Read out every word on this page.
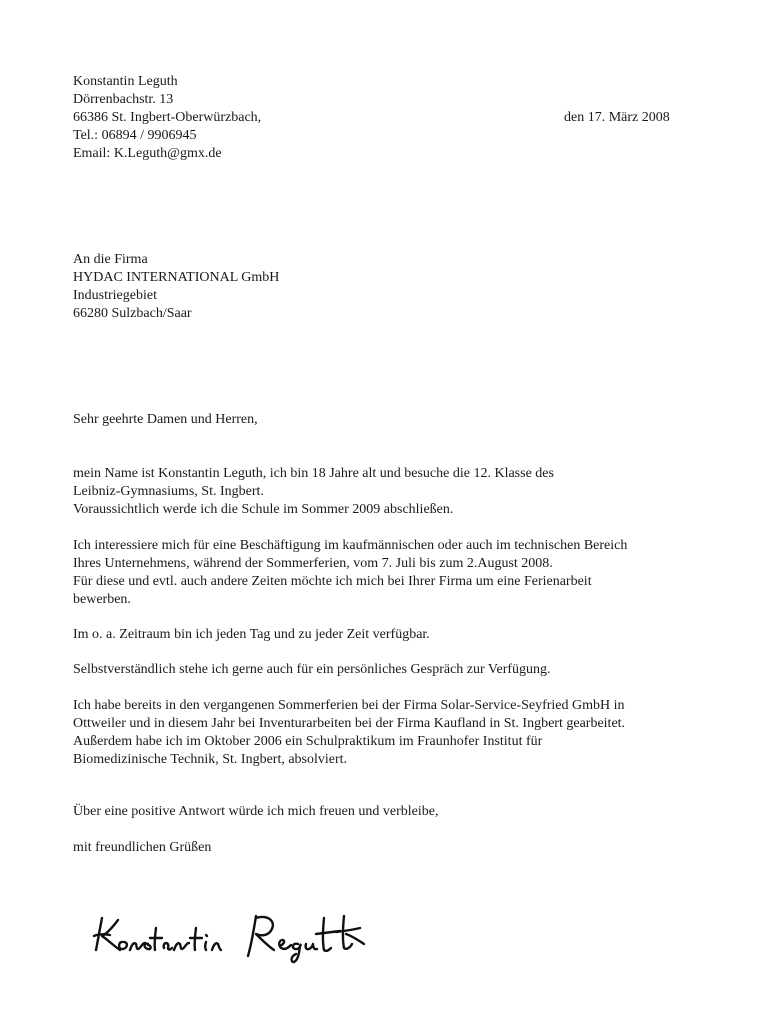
Konstantin Leguth
Dörrenbachstr. 13
66386 St. Ingbert-Oberwürzbach,
Tel.: 06894 / 9906945
Email: K.Leguth@gmx.de
den 17. März 2008
An die Firma
HYDAC INTERNATIONAL GmbH
Industriegebiet
66280 Sulzbach/Saar
Sehr geehrte Damen und Herren,
mein Name ist Konstantin Leguth, ich bin 18 Jahre alt und besuche die 12. Klasse des
Leibniz-Gymnasiums, St. Ingbert.
Voraussichtlich werde ich die Schule im Sommer 2009 abschließen.
Ich interessiere mich für eine Beschäftigung im kaufmännischen oder auch im technischen Bereich
Ihres Unternehmens, während der Sommerferien, vom 7. Juli bis zum 2.August 2008.
Für diese und evtl. auch andere Zeiten möchte ich mich bei Ihrer Firma um eine Ferienarbeit
bewerben.
Im o. a. Zeitraum bin ich jeden Tag und zu jeder Zeit verfügbar.
Selbstverständlich stehe ich gerne auch für ein persönliches Gespräch zur Verfügung.
Ich habe bereits in den vergangenen Sommerferien bei der Firma Solar-Service-Seyfried GmbH in
Ottweiler und in diesem Jahr bei Inventurarbeiten bei der Firma Kaufland in St. Ingbert gearbeitet.
Außerdem habe ich im Oktober 2006 ein Schulpraktikum im Fraunhofer Institut für
Biomedizinische Technik, St. Ingbert, absolviert.
Über eine positive Antwort würde ich mich freuen und verbleibe,
mit freundlichen Grüßen
